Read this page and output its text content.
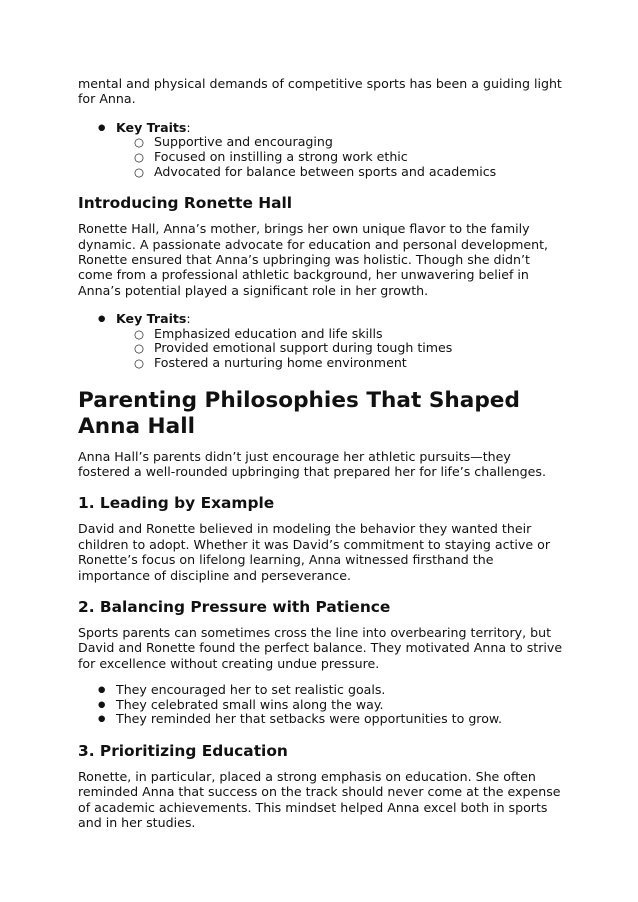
mental and physical demands of competitive sports has been a guiding light for Anna.

● Key Traits:
○ Supportive and encouraging
○ Focused on instilling a strong work ethic
○ Advocated for balance between sports and academics
Introducing Ronette Hall

Ronette Hall, Anna’s mother, brings her own unique flavor to the family dynamic. A passionate advocate for education and personal development, Ronette ensured that Anna’s upbringing was holistic. Though she didn’t come from a professional athletic background, her unwavering belief in Anna’s potential played a significant role in her growth.

● Key Traits:
○ Emphasized education and life skills
○ Provided emotional support during tough times
○ Fostered a nurturing home environment
Parenting Philosophies That Shaped Anna Hall

Anna Hall’s parents didn’t just encourage her athletic pursuits—they fostered a well-rounded upbringing that prepared her for life’s challenges.

1. Leading by Example

David and Ronette believed in modeling the behavior they wanted their children to adopt. Whether it was David’s commitment to staying active or Ronette’s focus on lifelong learning, Anna witnessed firsthand the importance of discipline and perseverance.

2. Balancing Pressure with Patience

Sports parents can sometimes cross the line into overbearing territory, but David and Ronette found the perfect balance. They motivated Anna to strive for excellence without creating undue pressure.

● They encouraged her to set realistic goals.
● They celebrated small wins along the way.
● They reminded her that setbacks were opportunities to grow.
3. Prioritizing Education

Ronette, in particular, placed a strong emphasis on education. She often reminded Anna that success on the track should never come at the expense of academic achievements. This mindset helped Anna excel both in sports and in her studies.
